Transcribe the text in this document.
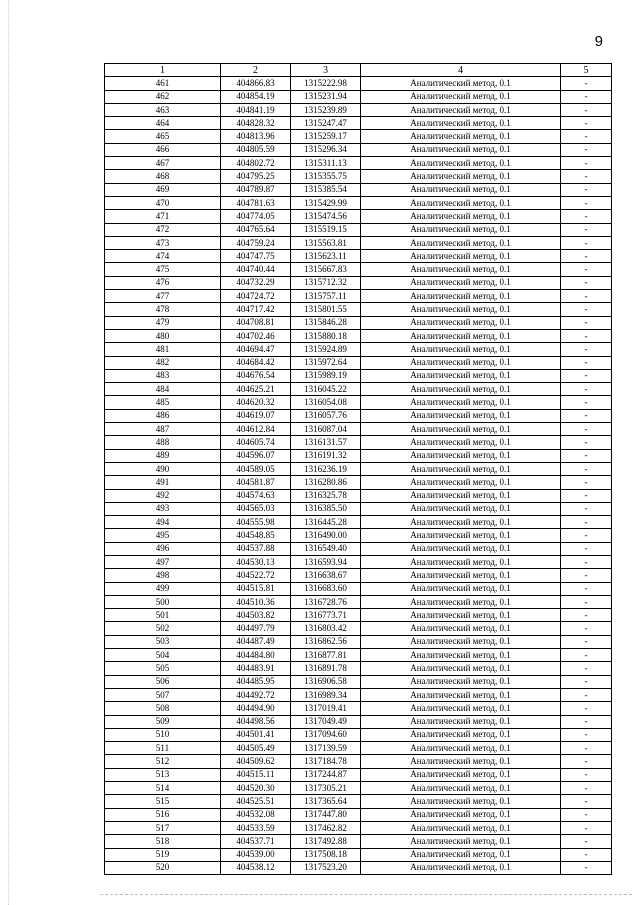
9
1	2	3	4	5
461	404866.83	1315222.98	Аналитический метод, 0.1	-
462	404854.19	1315231.94	Аналитический метод, 0.1	-
463	404841.19	1315239.89	Аналитический метод, 0.1	-
464	404828.32	1315247.47	Аналитический метод, 0.1	-
465	404813.96	1315259.17	Аналитический метод, 0.1	-
466	404805.59	1315296.34	Аналитический метод, 0.1	-
467	404802.72	1315311.13	Аналитический метод, 0.1	-
468	404795.25	1315355.75	Аналитический метод, 0.1	-
469	404789.87	1315385.54	Аналитический метод, 0.1	-
470	404781.63	1315429.99	Аналитический метод, 0.1	-
471	404774.05	1315474.56	Аналитический метод, 0.1	-
472	404765.64	1315519.15	Аналитический метод, 0.1	-
473	404759.24	1315563.81	Аналитический метод, 0.1	-
474	404747.75	1315623.11	Аналитический метод, 0.1	-
475	404740.44	1315667.83	Аналитический метод, 0.1	-
476	404732.29	1315712.32	Аналитический метод, 0.1	-
477	404724.72	1315757.11	Аналитический метод, 0.1	-
478	404717.42	1315801.55	Аналитический метод, 0.1	-
479	404708.81	1315846.28	Аналитический метод, 0.1	-
480	404702.46	1315880.18	Аналитический метод, 0.1	-
481	404694.47	1315924.89	Аналитический метод, 0.1	-
482	404684.42	1315972.64	Аналитический метод, 0.1	-
483	404676.54	1315989.19	Аналитический метод, 0.1	-
484	404625.21	1316045.22	Аналитический метод, 0.1	-
485	404620.32	1316054.08	Аналитический метод, 0.1	-
486	404619.07	1316057.76	Аналитический метод, 0.1	-
487	404612.84	1316087.04	Аналитический метод, 0.1	-
488	404605.74	1316131.57	Аналитический метод, 0.1	-
489	404596.07	1316191.32	Аналитический метод, 0.1	-
490	404589.05	1316236.19	Аналитический метод, 0.1	-
491	404581.87	1316280.86	Аналитический метод, 0.1	-
492	404574.63	1316325.78	Аналитический метод, 0.1	-
493	404565.03	1316385.50	Аналитический метод, 0.1	-
494	404555.98	1316445.28	Аналитический метод, 0.1	-
495	404548.85	1316490.00	Аналитический метод, 0.1	-
496	404537.88	1316549.40	Аналитический метод, 0.1	-
497	404530.13	1316593.94	Аналитический метод, 0.1	-
498	404522.72	1316638.67	Аналитический метод, 0.1	-
499	404515.81	1316683.60	Аналитический метод, 0.1	-
500	404510.36	1316728.76	Аналитический метод, 0.1	-
501	404503.82	1316773.71	Аналитический метод, 0.1	-
502	404497.79	1316803.42	Аналитический метод, 0.1	-
503	404487.49	1316862.56	Аналитический метод, 0.1	-
504	404484.80	1316877.81	Аналитический метод, 0.1	-
505	404483.91	1316891.78	Аналитический метод, 0.1	-
506	404485.95	1316906.58	Аналитический метод, 0.1	-
507	404492.72	1316989.34	Аналитический метод, 0.1	-
508	404494.90	1317019.41	Аналитический метод, 0.1	-
509	404498.56	1317049.49	Аналитический метод, 0.1	-
510	404501.41	1317094.60	Аналитический метод, 0.1	-
511	404505.49	1317139.59	Аналитический метод, 0.1	-
512	404509.62	1317184.78	Аналитический метод, 0.1	-
513	404515.11	1317244.87	Аналитический метод, 0.1	-
514	404520.30	1317305.21	Аналитический метод, 0.1	-
515	404525.51	1317365.64	Аналитический метод, 0.1	-
516	404532.08	1317447.80	Аналитический метод, 0.1	-
517	404533.59	1317462.82	Аналитический метод, 0.1	-
518	404537.71	1317492.88	Аналитический метод, 0.1	-
519	404539.00	1317508.18	Аналитический метод, 0.1	-
520	404538.12	1317523.20	Аналитический метод, 0.1	-
